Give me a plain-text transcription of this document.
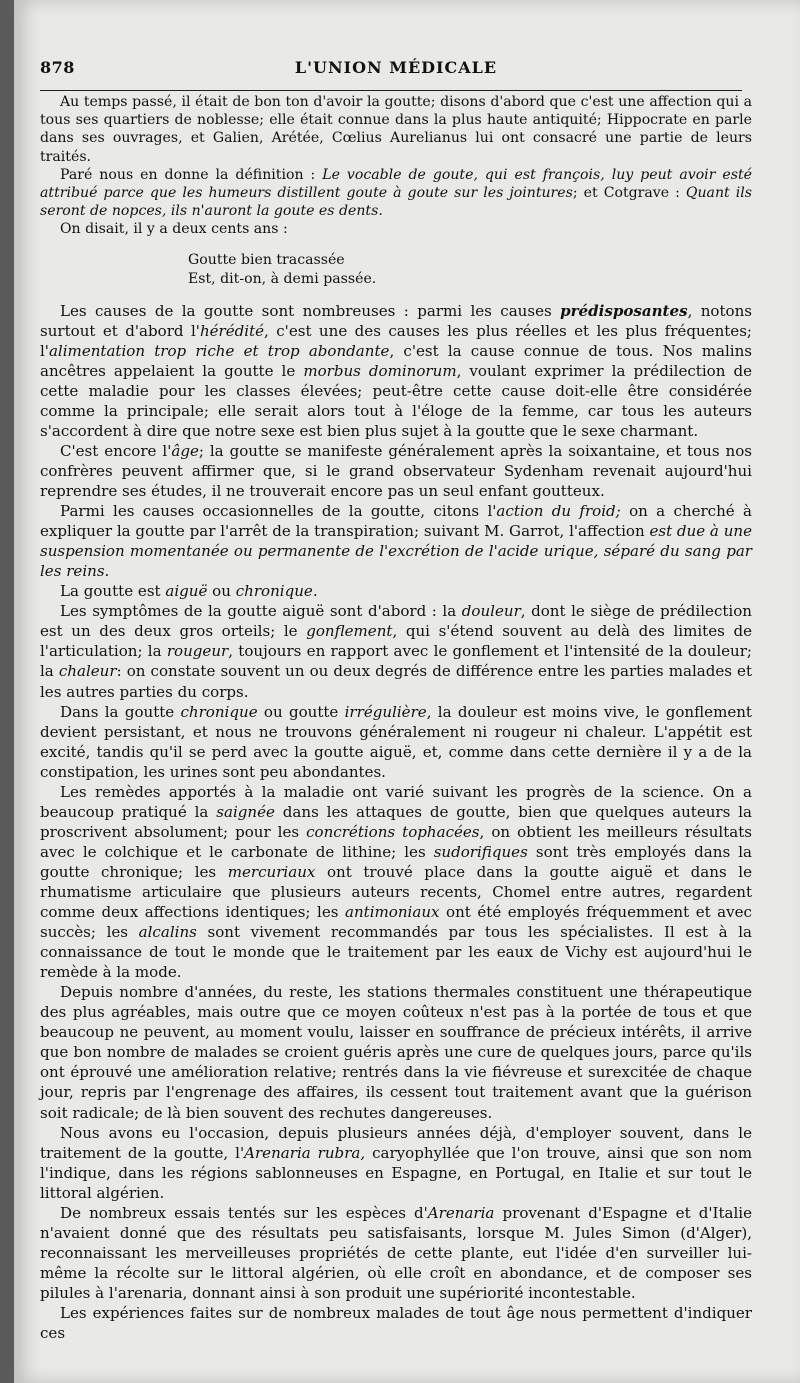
878	L'UNION MÉDICALE

Au temps passé, il était de bon ton d'avoir la goutte; disons d'abord que c'est une affection qui a tous ses quartiers de noblesse; elle était connue dans la plus haute antiquité; Hippocrate en parle dans ses ouvrages, et Galien, Arétée, Cœlius Aurelianus lui ont consacré une partie de leurs traités.

Paré nous en donne la définition : Le vocable de goute, qui est françois, luy peut avoir esté attribué parce que les humeurs distillent goute à goute sur les jointures; et Cotgrave : Quant ils seront de nopces, ils n'auront la goute es dents.

On disait, il y a deux cents ans :

Goutte bien tracassée
Est, dit-on, à demi passée.

Les causes de la goutte sont nombreuses : parmi les causes prédisposantes, notons surtout et d'abord l'hérédité, c'est une des causes les plus réelles et les plus fréquentes; l'alimentation trop riche et trop abondante, c'est la cause connue de tous. Nos malins ancêtres appelaient la goutte le morbus dominorum, voulant exprimer la prédilection de cette maladie pour les classes élevées; peut-être cette cause doit-elle être considérée comme la principale; elle serait alors tout à l'éloge de la femme, car tous les auteurs s'accordent à dire que notre sexe est bien plus sujet à la goutte que le sexe charmant.

C'est encore l'âge; la goutte se manifeste généralement après la soixantaine, et tous nos confrères peuvent affirmer que, si le grand observateur Sydenham revenait aujourd'hui reprendre ses études, il ne trouverait encore pas un seul enfant goutteux.

Parmi les causes occasionnelles de la goutte, citons l'action du froid; on a cherché à expliquer la goutte par l'arrêt de la transpiration; suivant M. Garrot, l'affection est due à une suspension momentanée ou permanente de l'excrétion de l'acide urique, séparé du sang par les reins.

La goutte est aiguë ou chronique.

Les symptômes de la goutte aiguë sont d'abord : la douleur, dont le siège de prédilection est un des deux gros orteils; le gonflement, qui s'étend souvent au delà des limites de l'articulation; la rougeur, toujours en rapport avec le gonflement et l'intensité de la douleur; la chaleur: on constate souvent un ou deux degrés de différence entre les parties malades et les autres parties du corps.

Dans la goutte chronique ou goutte irrégulière, la douleur est moins vive, le gonflement devient persistant, et nous ne trouvons généralement ni rougeur ni chaleur. L'appétit est excité, tandis qu'il se perd avec la goutte aiguë, et, comme dans cette dernière il y a de la constipation, les urines sont peu abondantes.

Les remèdes apportés à la maladie ont varié suivant les progrès de la science. On a beaucoup pratiqué la saignée dans les attaques de goutte, bien que quelques auteurs la proscrivent absolument; pour les concrétions tophacées, on obtient les meilleurs résultats avec le colchique et le carbonate de lithine; les sudorifiques sont très employés dans la goutte chronique; les mercuriaux ont trouvé place dans la goutte aiguë et dans le rhumatisme articulaire que plusieurs auteurs recents, Chomel entre autres, regardent comme deux affections identiques; les antimoniaux ont été employés fréquemment et avec succès; les alcalins sont vivement recommandés par tous les spécialistes. Il est à la connaissance de tout le monde que le traitement par les eaux de Vichy est aujourd'hui le remède à la mode.

Depuis nombre d'années, du reste, les stations thermales constituent une thérapeutique des plus agréables, mais outre que ce moyen coûteux n'est pas à la portée de tous et que beaucoup ne peuvent, au moment voulu, laisser en souffrance de précieux intérêts, il arrive que bon nombre de malades se croient guéris après une cure de quelques jours, parce qu'ils ont éprouvé une amélioration relative; rentrés dans la vie fiévreuse et surexcitée de chaque jour, repris par l'engrenage des affaires, ils cessent tout traitement avant que la guérison soit radicale; de là bien souvent des rechutes dangereuses.

Nous avons eu l'occasion, depuis plusieurs années déjà, d'employer souvent, dans le traitement de la goutte, l'Arenaria rubra, caryophyllée que l'on trouve, ainsi que son nom l'indique, dans les régions sablonneuses en Espagne, en Portugal, en Italie et sur tout le littoral algérien.

De nombreux essais tentés sur les espèces d'Arenaria provenant d'Espagne et d'Italie n'avaient donné que des résultats peu satisfaisants, lorsque M. Jules Simon (d'Alger), reconnaissant les merveilleuses propriétés de cette plante, eut l'idée d'en surveiller lui-même la récolte sur le littoral algérien, où elle croît en abondance, et de composer ses pilules à l'arenaria, donnant ainsi à son produit une supériorité incontestable.

Les expériences faites sur de nombreux malades de tout âge nous permettent d'indiquer ces
